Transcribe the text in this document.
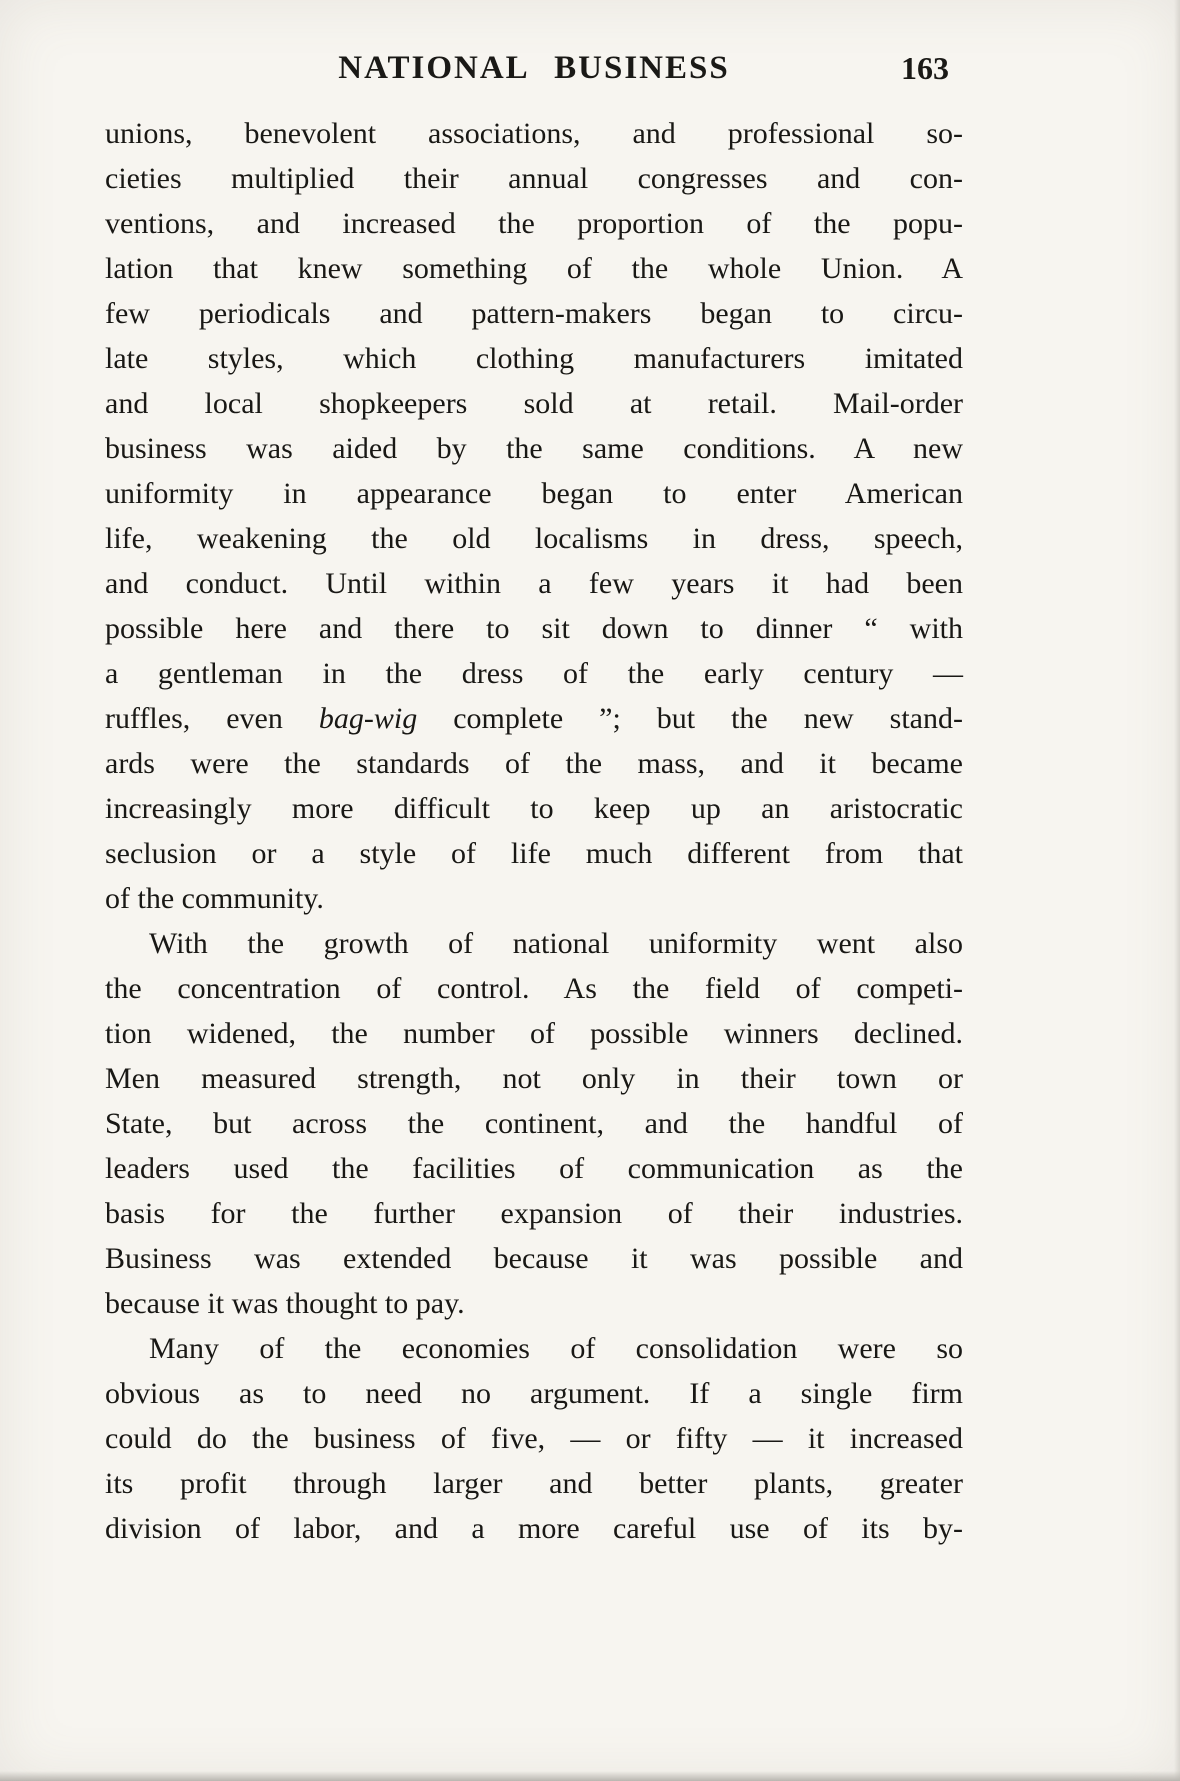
NATIONAL BUSINESS	163
unions, benevolent associations, and professional so-
cieties multiplied their annual congresses and con-
ventions, and increased the proportion of the popu-
lation that knew something of the whole Union. A
few periodicals and pattern-makers began to circu-
late styles, which clothing manufacturers imitated
and local shopkeepers sold at retail. Mail-order
business was aided by the same conditions. A new
uniformity in appearance began to enter American
life, weakening the old localisms in dress, speech,
and conduct. Until within a few years it had been
possible here and there to sit down to dinner “ with
a gentleman in the dress of the early century —
ruffles, even bag-wig complete ”; but the new stand-
ards were the standards of the mass, and it became
increasingly more difficult to keep up an aristocratic
seclusion or a style of life much different from that
of the community.
With the growth of national uniformity went also
the concentration of control. As the field of competi-
tion widened, the number of possible winners declined.
Men measured strength, not only in their town or
State, but across the continent, and the handful of
leaders used the facilities of communication as the
basis for the further expansion of their industries.
Business was extended because it was possible and
because it was thought to pay.
Many of the economies of consolidation were so
obvious as to need no argument. If a single firm
could do the business of five, — or fifty — it increased
its profit through larger and better plants, greater
division of labor, and a more careful use of its by-
